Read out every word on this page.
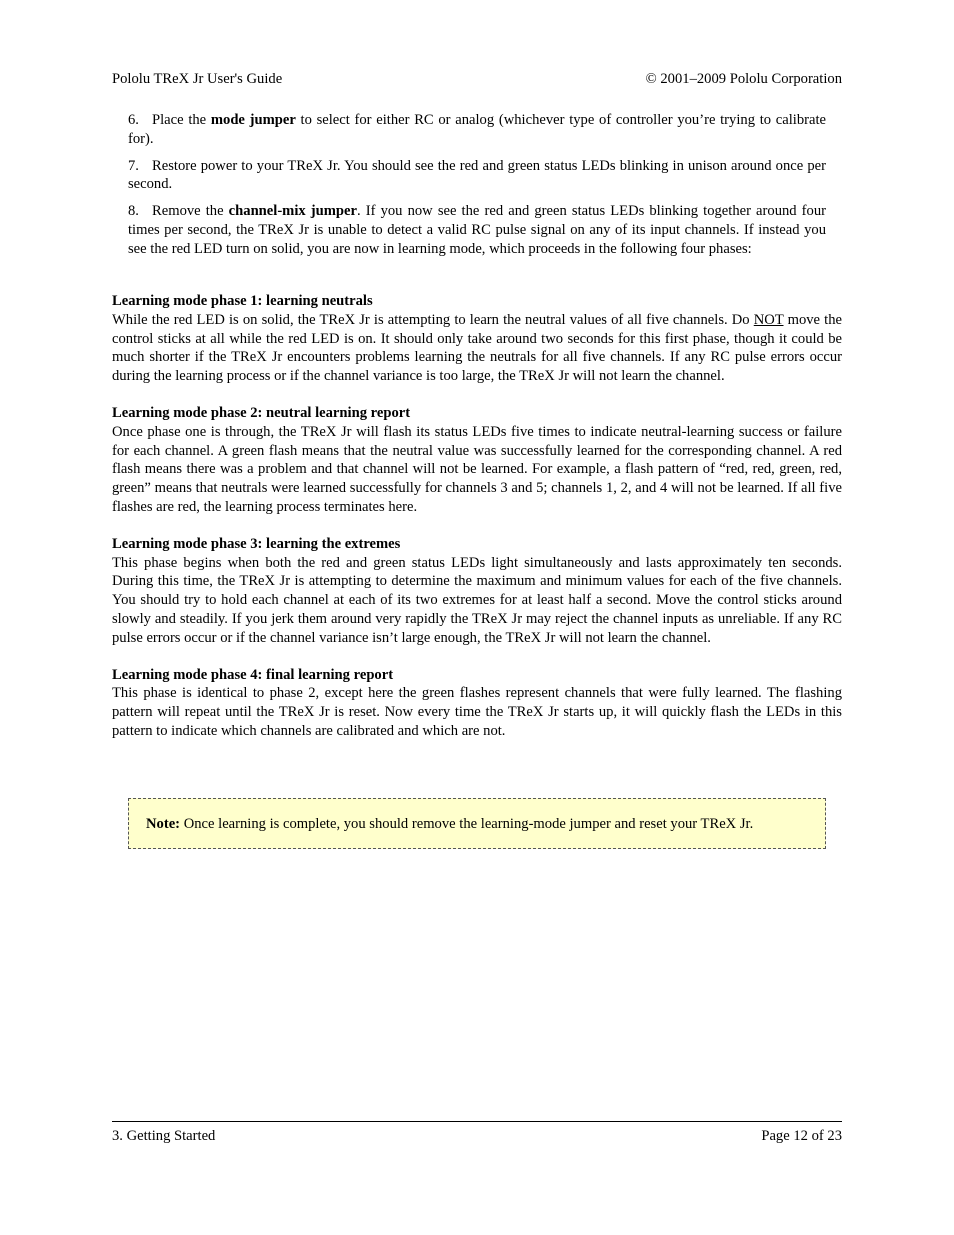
Pololu TReX Jr User's Guide	© 2001–2009 Pololu Corporation

6. Place the mode jumper to select for either RC or analog (whichever type of controller you’re trying to calibrate for).

7. Restore power to your TReX Jr. You should see the red and green status LEDs blinking in unison around once per second.

8. Remove the channel-mix jumper. If you now see the red and green status LEDs blinking together around four times per second, the TReX Jr is unable to detect a valid RC pulse signal on any of its input channels. If instead you see the red LED turn on solid, you are now in learning mode, which proceeds in the following four phases:

Learning mode phase 1: learning neutrals

While the red LED is on solid, the TReX Jr is attempting to learn the neutral values of all five channels. Do NOT move the control sticks at all while the red LED is on. It should only take around two seconds for this first phase, though it could be much shorter if the TReX Jr encounters problems learning the neutrals for all five channels. If any RC pulse errors occur during the learning process or if the channel variance is too large, the TReX Jr will not learn the channel.

Learning mode phase 2: neutral learning report

Once phase one is through, the TReX Jr will flash its status LEDs five times to indicate neutral-learning success or failure for each channel. A green flash means that the neutral value was successfully learned for the corresponding channel. A red flash means there was a problem and that channel will not be learned. For example, a flash pattern of “red, red, green, red, green” means that neutrals were learned successfully for channels 3 and 5; channels 1, 2, and 4 will not be learned. If all five flashes are red, the learning process terminates here.

Learning mode phase 3: learning the extremes

This phase begins when both the red and green status LEDs light simultaneously and lasts approximately ten seconds. During this time, the TReX Jr is attempting to determine the maximum and minimum values for each of the five channels. You should try to hold each channel at each of its two extremes for at least half a second. Move the control sticks around slowly and steadily. If you jerk them around very rapidly the TReX Jr may reject the channel inputs as unreliable. If any RC pulse errors occur or if the channel variance isn’t large enough, the TReX Jr will not learn the channel.

Learning mode phase 4: final learning report

This phase is identical to phase 2, except here the green flashes represent channels that were fully learned. The flashing pattern will repeat until the TReX Jr is reset. Now every time the TReX Jr starts up, it will quickly flash the LEDs in this pattern to indicate which channels are calibrated and which are not.

Note: Once learning is complete, you should remove the learning-mode jumper and reset your TReX Jr.
3. Getting Started	Page 12 of 23
